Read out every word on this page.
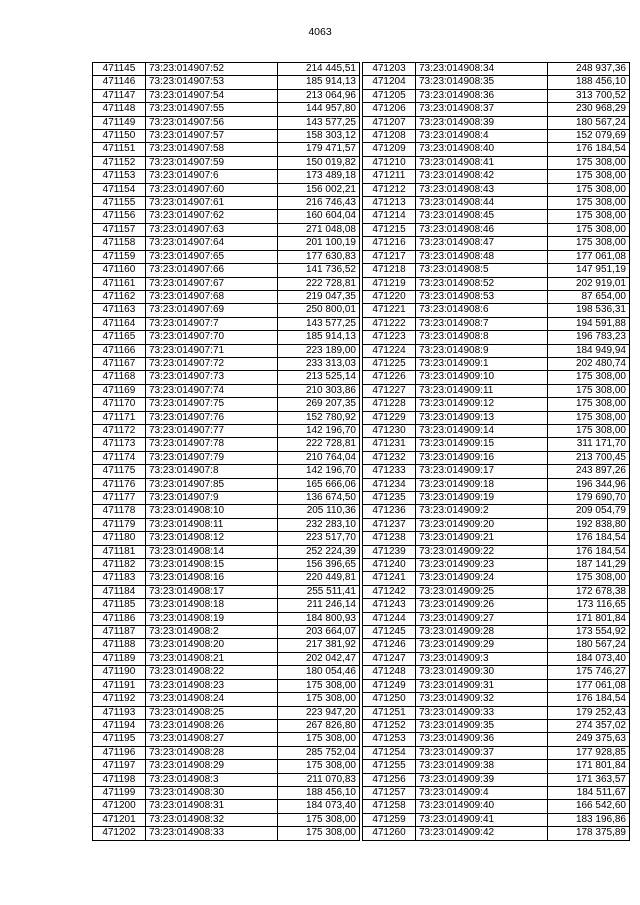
4063
471145	73:23:014907:52	214 445,51
471146	73:23:014907:53	185 914,13
471147	73:23:014907:54	213 064,96
471148	73:23:014907:55	144 957,80
471149	73:23:014907:56	143 577,25
471150	73:23:014907:57	158 303,12
471151	73:23:014907:58	179 471,57
471152	73:23:014907:59	150 019,82
471153	73:23:014907:6	173 489,18
471154	73:23:014907:60	156 002,21
471155	73:23:014907:61	216 746,43
471156	73:23:014907:62	160 604,04
471157	73:23:014907:63	271 048,08
471158	73:23:014907:64	201 100,19
471159	73:23:014907:65	177 630,83
471160	73:23:014907:66	141 736,52
471161	73:23:014907:67	222 728,81
471162	73:23:014907:68	219 047,35
471163	73:23:014907:69	250 800,01
471164	73:23:014907:7	143 577,25
471165	73:23:014907:70	185 914,13
471166	73:23:014907:71	223 189,00
471167	73:23:014907:72	233 313,03
471168	73:23:014907:73	213 525,14
471169	73:23:014907:74	210 303,86
471170	73:23:014907:75	269 207,35
471171	73:23:014907:76	152 780,92
471172	73:23:014907:77	142 196,70
471173	73:23:014907:78	222 728,81
471174	73:23:014907:79	210 764,04
471175	73:23:014907:8	142 196,70
471176	73:23:014907:85	165 666,06
471177	73:23:014907:9	136 674,50
471178	73:23:014908:10	205 110,36
471179	73:23:014908:11	232 283,10
471180	73:23:014908:12	223 517,70
471181	73:23:014908:14	252 224,39
471182	73:23:014908:15	156 396,65
471183	73:23:014908:16	220 449,81
471184	73:23:014908:17	255 511,41
471185	73:23:014908:18	211 246,14
471186	73:23:014908:19	184 800,93
471187	73:23:014908:2	203 664,07
471188	73:23:014908:20	217 381,92
471189	73:23:014908:21	202 042,47
471190	73:23:014908:22	180 054,46
471191	73:23:014908:23	175 308,00
471192	73:23:014908:24	175 308,00
471193	73:23:014908:25	223 947,20
471194	73:23:014908:26	267 826,80
471195	73:23:014908:27	175 308,00
471196	73:23:014908:28	285 752,04
471197	73:23:014908:29	175 308,00
471198	73:23:014908:3	211 070,83
471199	73:23:014908:30	188 456,10
471200	73:23:014908:31	184 073,40
471201	73:23:014908:32	175 308,00
471202	73:23:014908:33	175 308,00
471203	73:23:014908:34	248 937,36
471204	73:23:014908:35	188 456,10
471205	73:23:014908:36	313 700,52
471206	73:23:014908:37	230 968,29
471207	73:23:014908:39	180 567,24
471208	73:23:014908:4	152 079,69
471209	73:23:014908:40	176 184,54
471210	73:23:014908:41	175 308,00
471211	73:23:014908:42	175 308,00
471212	73:23:014908:43	175 308,00
471213	73:23:014908:44	175 308,00
471214	73:23:014908:45	175 308,00
471215	73:23:014908:46	175 308,00
471216	73:23:014908:47	175 308,00
471217	73:23:014908:48	177 061,08
471218	73:23:014908:5	147 951,19
471219	73:23:014908:52	202 919,01
471220	73:23:014908:53	87 654,00
471221	73:23:014908:6	198 536,31
471222	73:23:014908:7	194 591,88
471223	73:23:014908:8	196 783,23
471224	73:23:014908:9	184 949,94
471225	73:23:014909:1	202 480,74
471226	73:23:014909:10	175 308,00
471227	73:23:014909:11	175 308,00
471228	73:23:014909:12	175 308,00
471229	73:23:014909:13	175 308,00
471230	73:23:014909:14	175 308,00
471231	73:23:014909:15	311 171,70
471232	73:23:014909:16	213 700,45
471233	73:23:014909:17	243 897,26
471234	73:23:014909:18	196 344,96
471235	73:23:014909:19	179 690,70
471236	73:23:014909:2	209 054,79
471237	73:23:014909:20	192 838,80
471238	73:23:014909:21	176 184,54
471239	73:23:014909:22	176 184,54
471240	73:23:014909:23	187 141,29
471241	73:23:014909:24	175 308,00
471242	73:23:014909:25	172 678,38
471243	73:23:014909:26	173 116,65
471244	73:23:014909:27	171 801,84
471245	73:23:014909:28	173 554,92
471246	73:23:014909:29	180 567,24
471247	73:23:014909:3	184 073,40
471248	73:23:014909:30	175 746,27
471249	73:23:014909:31	177 061,08
471250	73:23:014909:32	176 184,54
471251	73:23:014909:33	179 252,43
471252	73:23:014909:35	274 357,02
471253	73:23:014909:36	249 375,63
471254	73:23:014909:37	177 928,85
471255	73:23:014909:38	171 801,84
471256	73:23:014909:39	171 363,57
471257	73:23:014909:4	184 511,67
471258	73:23:014909:40	166 542,60
471259	73:23:014909:41	183 196,86
471260	73:23:014909:42	178 375,89
